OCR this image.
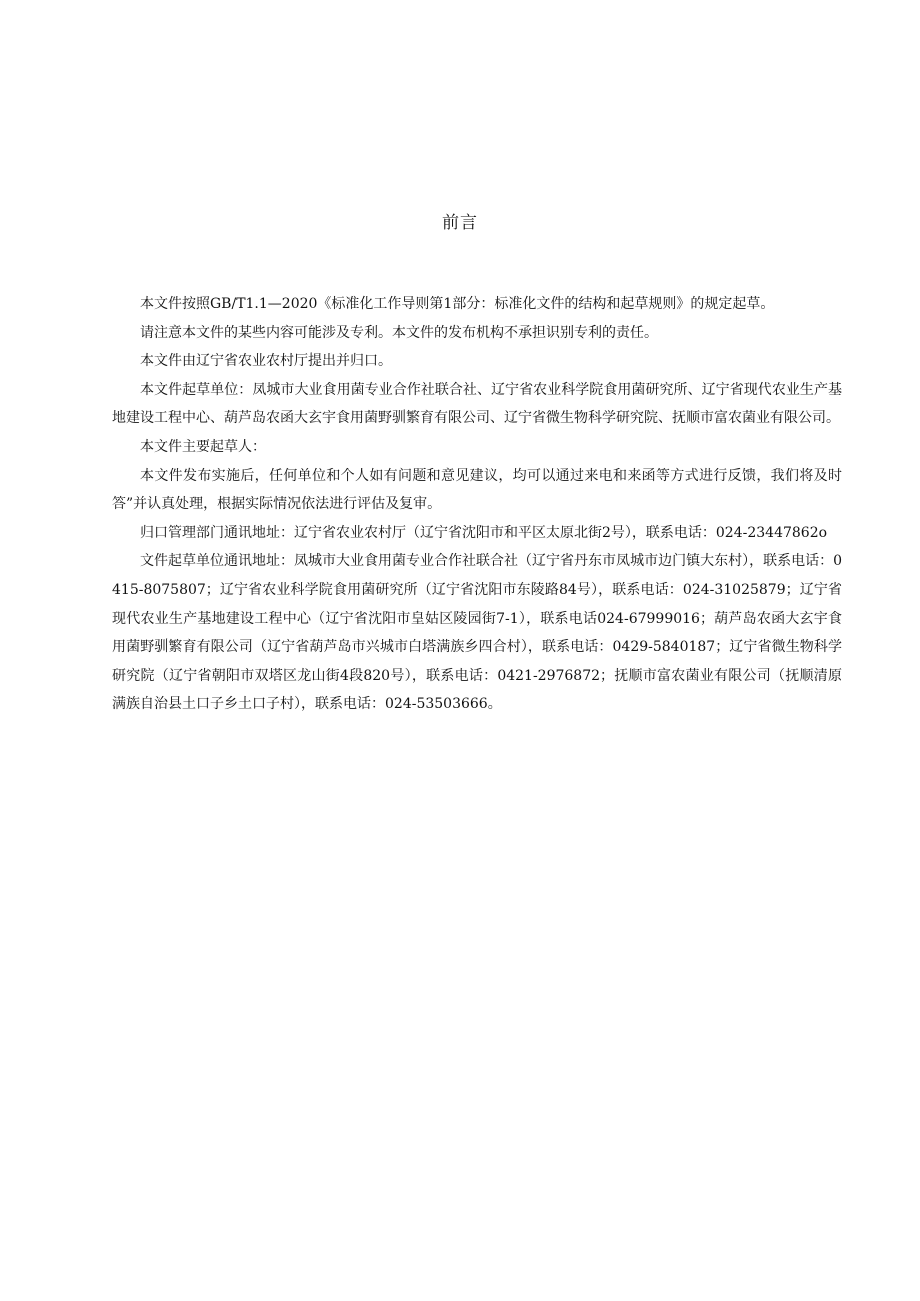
前言

本文件按照GB/T1.1—2020《标准化工作导则第1部分：标准化文件的结构和起草规则》的规定起草。

请注意本文件的某些内容可能涉及专利。本文件的发布机构不承担识别专利的责任。

本文件由辽宁省农业农村厅提出并归口。

本文件起草单位：凤城市大业食用菌专业合作社联合社、辽宁省农业科学院食用菌研究所、辽宁省现代农业生产基地建设工程中心、葫芦岛农函大玄宇食用菌野驯繁育有限公司、辽宁省微生物科学研究院、抚顺市富农菌业有限公司。

本文件主要起草人：

本文件发布实施后，任何单位和个人如有问题和意见建议，均可以通过来电和来函等方式进行反馈，我们将及时答”并认真处理，根据实际情况依法进行评估及复审。

归口管理部门通讯地址：辽宁省农业农村厅（辽宁省沈阳市和平区太原北街2号），联系电话：024-23447862o

文件起草单位通讯地址：凤城市大业食用菌专业合作社联合社（辽宁省丹东市凤城市边门镇大东村），联系电话：0415-8075807；辽宁省农业科学院食用菌研究所（辽宁省沈阳市东陵路84号），联系电话：024-31025879；辽宁省现代农业生产基地建设工程中心（辽宁省沈阳市皇姑区陵园街7-1），联系电话024-67999016；葫芦岛农函大玄宇食用菌野驯繁育有限公司（辽宁省葫芦岛市兴城市白塔满族乡四合村），联系电话：0429-5840187；辽宁省微生物科学研究院（辽宁省朝阳市双塔区龙山街4段820号），联系电话：0421-2976872；抚顺市富农菌业有限公司（抚顺清原满族自治县土口子乡土口子村），联系电话：024-53503666。
